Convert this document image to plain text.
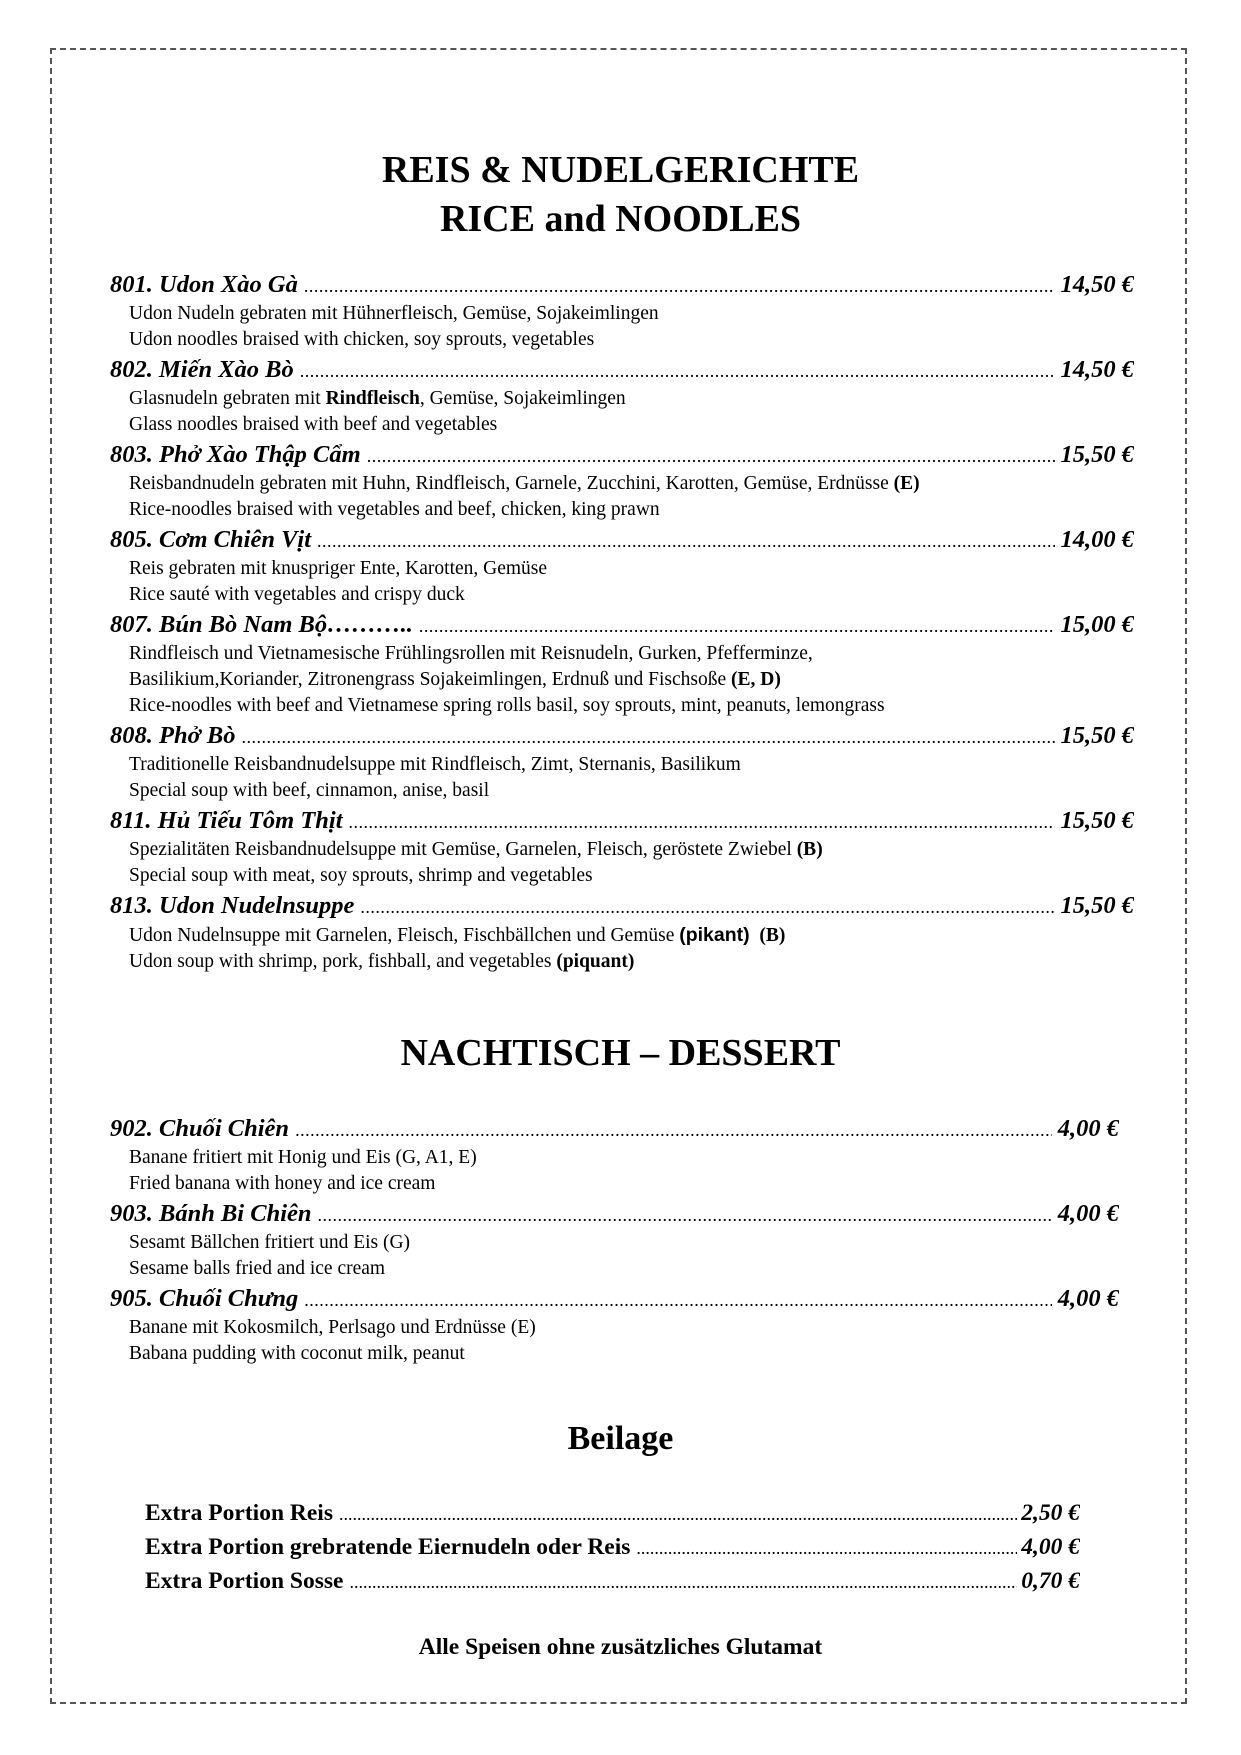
REIS & NUDELGERICHTE
RICE and NOODLES
801. Udon Xào Gà .....	14,50 €
Udon Nudeln gebraten mit Hühnerfleisch, Gemüse, Sojakeimlingen
Udon noodles braised with chicken, soy sprouts, vegetables
802. Miến Xào Bò .....	14,50 €
Glasnudeln gebraten mit Rindfleisch, Gemüse, Sojakeimlingen
Glass noodles braised with beef and vegetables
803. Phở Xào Thập Cẩm .....	15,50 €
Reisbandnudeln gebraten mit Huhn, Rindfleisch, Garnele, Zucchini, Karotten, Gemüse, Erdnüsse (E)
Rice-noodles braised with vegetables and beef, chicken, king prawn
805. Cơm Chiên Vịt .....	14,00 €
Reis gebraten mit knuspriger Ente, Karotten, Gemüse
Rice sauté with vegetables and crispy duck
807. Bún Bò Nam Bộ……….. .....	15,00 €
Rindfleisch und Vietnamesische Frühlingsrollen mit Reisnudeln, Gurken, Pfefferminze,
Basilikium,Koriander, Zitronengrass Sojakeimlingen, Erdnuß und Fischsoße (E, D)
Rice-noodles with beef and Vietnamese spring rolls basil, soy sprouts, mint, peanuts, lemongrass
808. Phở Bò .....	15,50 €
Traditionelle Reisbandnudelsuppe mit Rindfleisch, Zimt, Sternanis, Basilikum
Special soup with beef, cinnamon, anise, basil
811. Hủ Tiếu Tôm Thịt .....	15,50 €
Spezialitäten Reisbandnudelsuppe mit Gemüse, Garnelen, Fleisch, geröstete Zwiebel (B)
Special soup with meat, soy sprouts, shrimp and vegetables
813. Udon Nudelnsuppe .....	15,50 €
Udon Nudelnsuppe mit Garnelen, Fleisch, Fischbällchen und Gemüse (pikant) (B)
Udon soup with shrimp, pork, fishball, and vegetables (piquant)
NACHTISCH – DESSERT
902. Chuối Chiên .....	4,00 €
Banane fritiert mit Honig und Eis (G, A1, E)
Fried banana with honey and ice cream
903. Bánh Bi Chiên .....	4,00 €
Sesamt Bällchen fritiert und Eis (G)
Sesame balls fried and ice cream
905. Chuối Chưng .....	4,00 €
Banane mit Kokosmilch, Perlsago und Erdnüsse (E)
Babana pudding with coconut milk, peanut
Beilage
Extra Portion Reis .....	2,50 €
Extra Portion grebratende Eiernudeln oder Reis .....	4,00 €
Extra Portion Sosse .....	0,70 €

Alle Speisen ohne zusätzliches Glutamat
